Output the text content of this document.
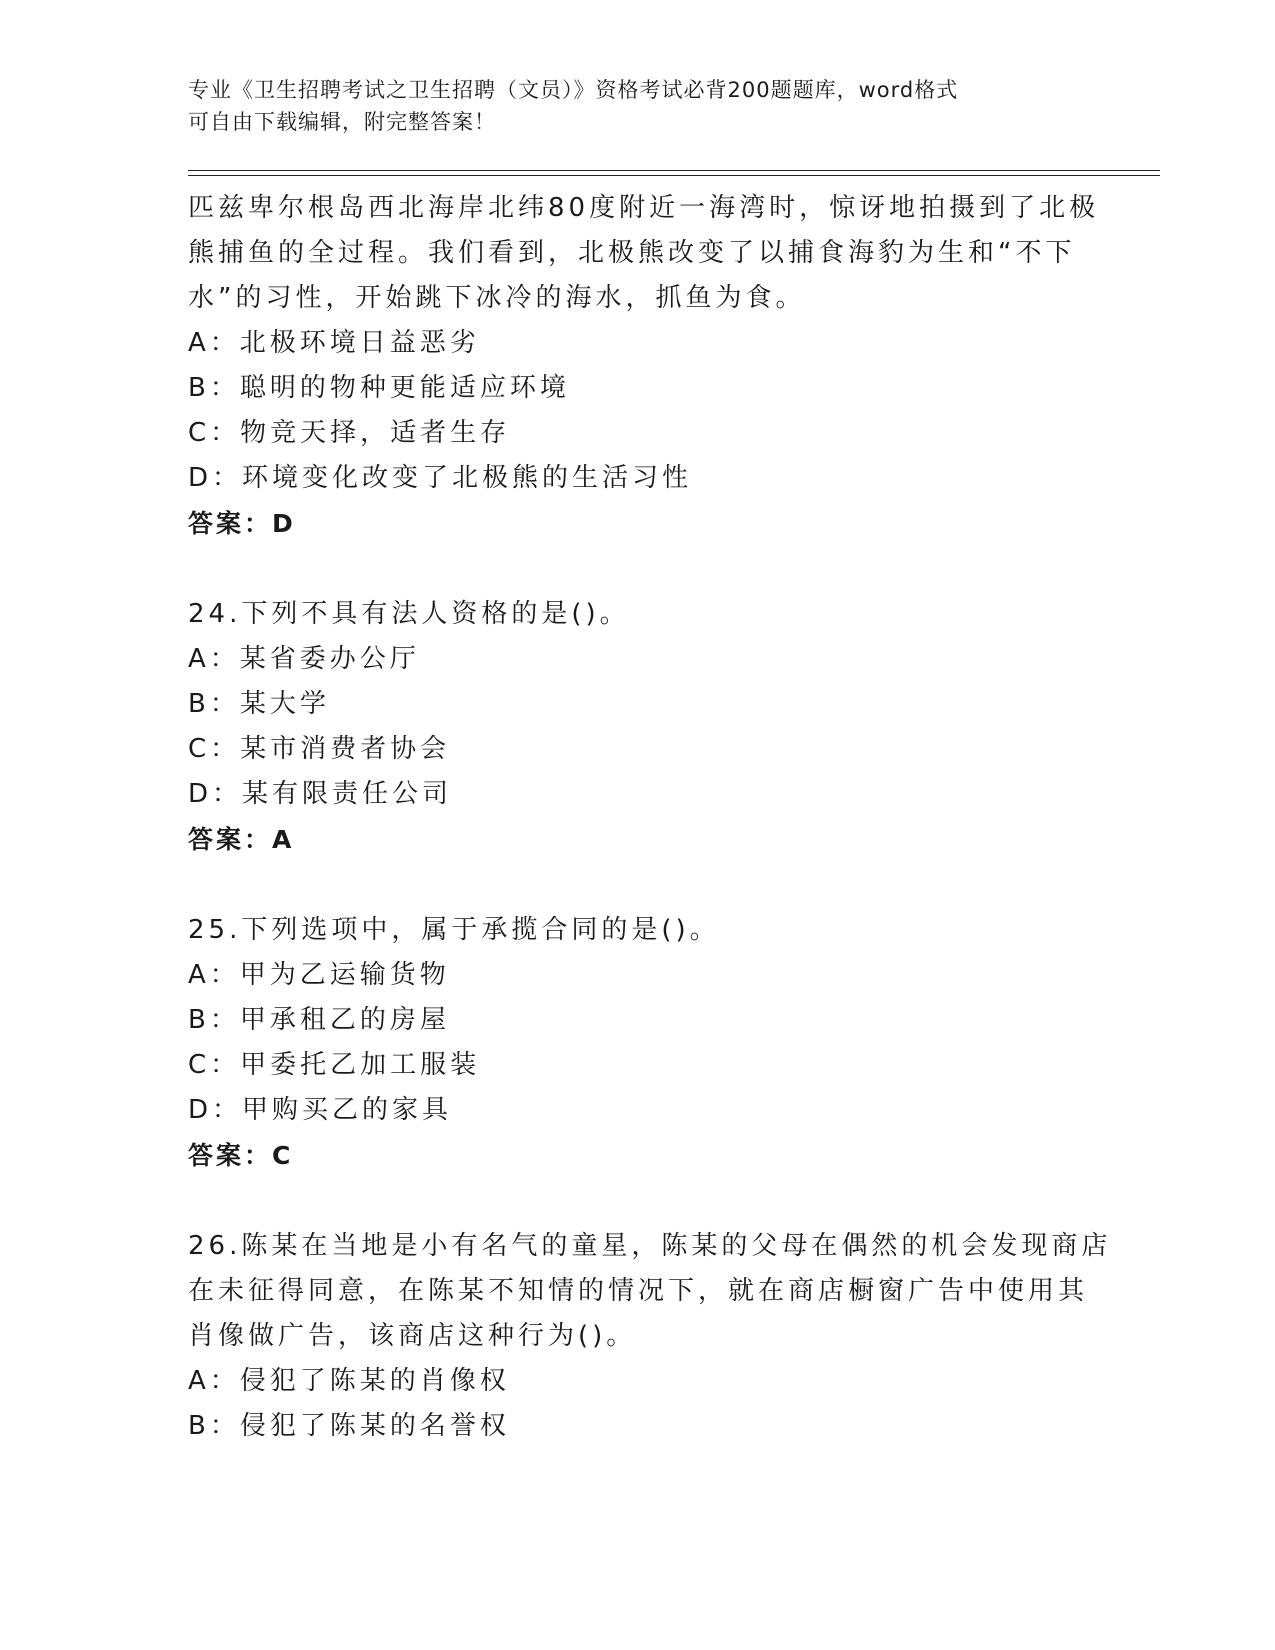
专业《卫生招聘考试之卫生招聘（文员）》资格考试必背200题题库，word格式
可自由下载编辑，附完整答案！
匹兹卑尔根岛西北海岸北纬80度附近一海湾时，惊讶地拍摄到了北极
熊捕鱼的全过程。我们看到，北极熊改变了以捕食海豹为生和“不下
水”的习性，开始跳下冰冷的海水，抓鱼为食。
A：北极环境日益恶劣
B：聪明的物种更能适应环境
C：物竞天择，适者生存
D：环境变化改变了北极熊的生活习性
答案：D
24.下列不具有法人资格的是()。
A：某省委办公厅
B：某大学
C：某市消费者协会
D：某有限责任公司
答案：A
25.下列选项中，属于承揽合同的是()。
A：甲为乙运输货物
B：甲承租乙的房屋
C：甲委托乙加工服装
D：甲购买乙的家具
答案：C
26.陈某在当地是小有名气的童星，陈某的父母在偶然的机会发现商店
在未征得同意，在陈某不知情的情况下，就在商店橱窗广告中使用其
肖像做广告，该商店这种行为()。
A：侵犯了陈某的肖像权
B：侵犯了陈某的名誉权
